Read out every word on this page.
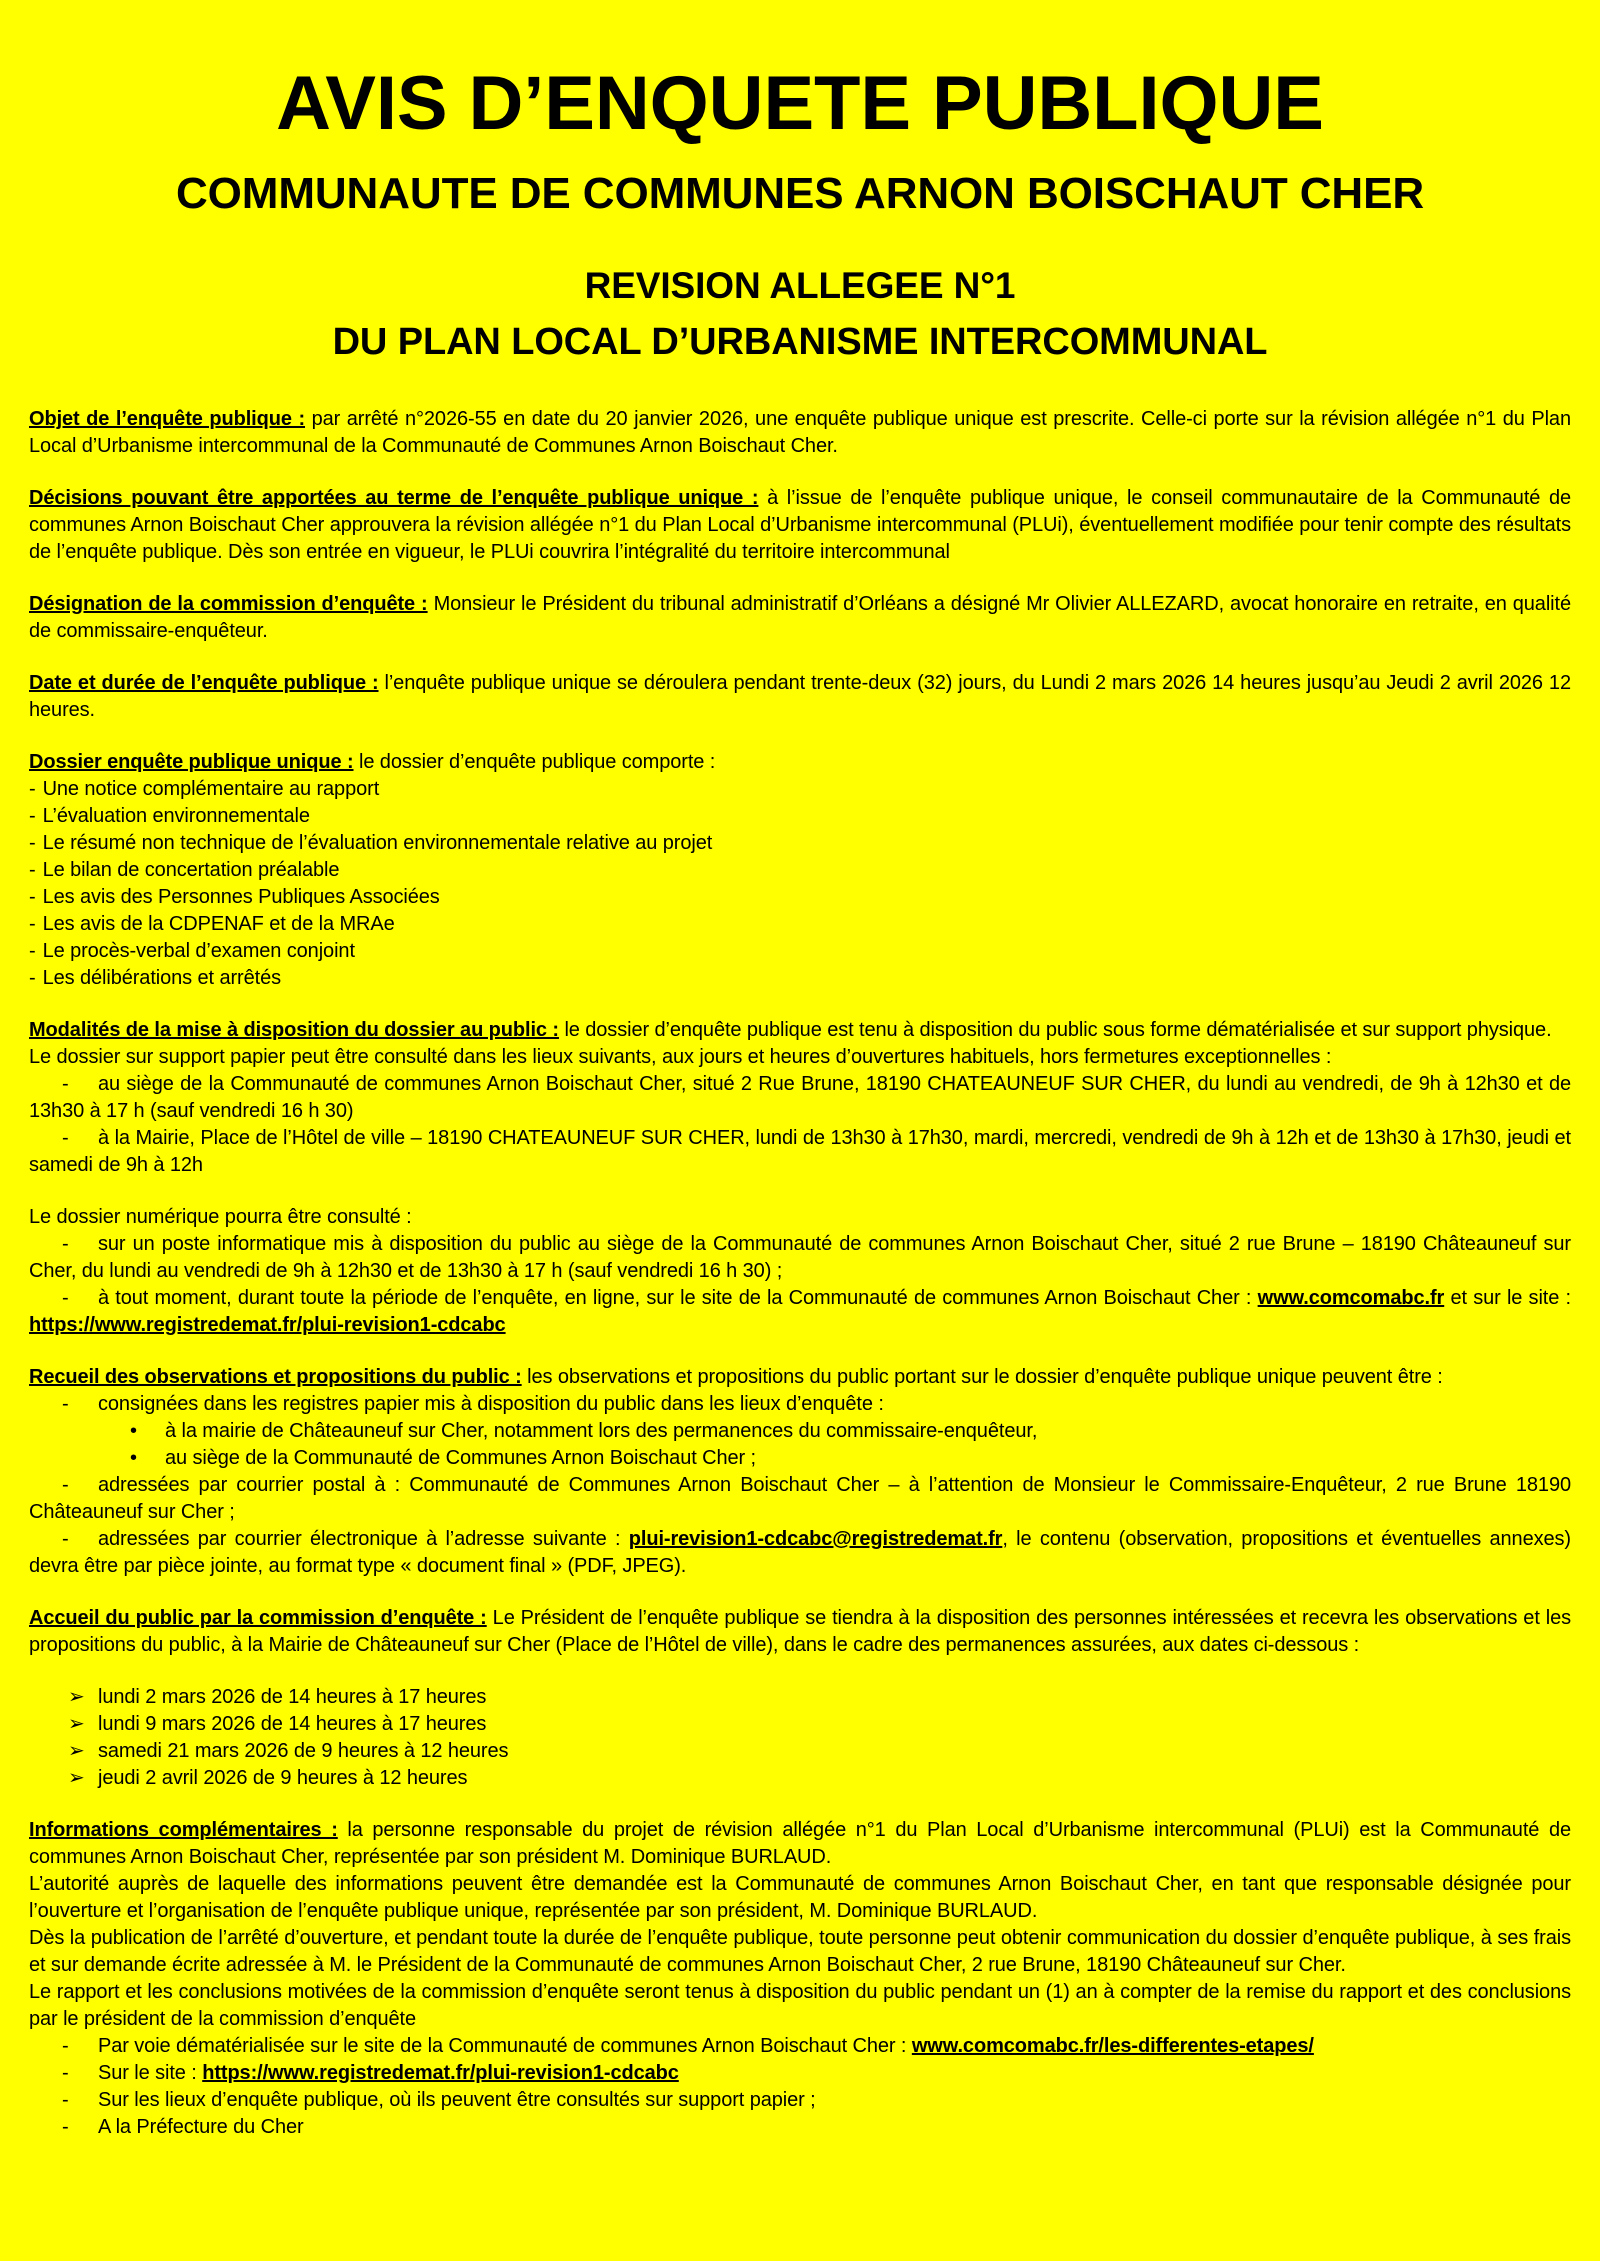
AVIS D’ENQUETE PUBLIQUE
COMMUNAUTE DE COMMUNES ARNON BOISCHAUT CHER
REVISION ALLEGEE N°1
DU PLAN LOCAL D’URBANISME INTERCOMMUNAL

Objet de l’enquête publique : par arrêté n°2026-55 en date du 20 janvier 2026, une enquête publique unique est prescrite. Celle-ci porte sur la révision allégée n°1 du Plan Local d’Urbanisme intercommunal de la Communauté de Communes Arnon Boischaut Cher.

Décisions pouvant être apportées au terme de l’enquête publique unique : à l’issue de l’enquête publique unique, le conseil communautaire de la Communauté de communes Arnon Boischaut Cher approuvera la révision allégée n°1 du Plan Local d’Urbanisme intercommunal (PLUi), éventuellement modifiée pour tenir compte des résultats de l’enquête publique. Dès son entrée en vigueur, le PLUi couvrira l’intégralité du territoire intercommunal

Désignation de la commission d’enquête : Monsieur le Président du tribunal administratif d’Orléans a désigné Mr Olivier ALLEZARD, avocat honoraire en retraite, en qualité de commissaire-enquêteur.

Date et durée de l’enquête publique : l’enquête publique unique se déroulera pendant trente-deux (32) jours, du Lundi 2 mars 2026 14 heures jusqu’au Jeudi 2 avril 2026 12 heures.

Dossier enquête publique unique : le dossier d’enquête publique comporte :

- Une notice complémentaire au rapport

- L’évaluation environnementale

- Le résumé non technique de l’évaluation environnementale relative au projet

- Le bilan de concertation préalable

- Les avis des Personnes Publiques Associées

- Les avis de la CDPENAF et de la MRAe

- Le procès-verbal d’examen conjoint

- Les délibérations et arrêtés

Modalités de la mise à disposition du dossier au public : le dossier d’enquête publique est tenu à disposition du public sous forme dématérialisée et sur support physique.

Le dossier sur support papier peut être consulté dans les lieux suivants, aux jours et heures d’ouvertures habituels, hors fermetures exceptionnelles :

- au siège de la Communauté de communes Arnon Boischaut Cher, situé 2 Rue Brune, 18190 CHATEAUNEUF SUR CHER, du lundi au vendredi, de 9h à 12h30 et de 13h30 à 17 h (sauf vendredi 16 h 30)

- à la Mairie, Place de l’Hôtel de ville – 18190 CHATEAUNEUF SUR CHER, lundi de 13h30 à 17h30, mardi, mercredi, vendredi de 9h à 12h et de 13h30 à 17h30, jeudi et samedi de 9h à 12h

Le dossier numérique pourra être consulté :

- sur un poste informatique mis à disposition du public au siège de la Communauté de communes Arnon Boischaut Cher, situé 2 rue Brune – 18190 Châteauneuf sur Cher, du lundi au vendredi de 9h à 12h30 et de 13h30 à 17 h (sauf vendredi 16 h 30) ;

- à tout moment, durant toute la période de l’enquête, en ligne, sur le site de la Communauté de communes Arnon Boischaut Cher : www.comcomabc.fr et sur le site : https://www.registredemat.fr/plui-revision1-cdcabc

Recueil des observations et propositions du public : les observations et propositions du public portant sur le dossier d’enquête publique unique peuvent être :

- consignées dans les registres papier mis à disposition du public dans les lieux d’enquête :

• à la mairie de Châteauneuf sur Cher, notamment lors des permanences du commissaire-enquêteur,

• au siège de la Communauté de Communes Arnon Boischaut Cher ;

- adressées par courrier postal à : Communauté de Communes Arnon Boischaut Cher – à l’attention de Monsieur le Commissaire-Enquêteur, 2 rue Brune 18190 Châteauneuf sur Cher ;

- adressées par courrier électronique à l’adresse suivante : plui-revision1-cdcabc@registredemat.fr, le contenu (observation, propositions et éventuelles annexes) devra être par pièce jointe, au format type « document final » (PDF, JPEG).

Accueil du public par la commission d’enquête : Le Président de l’enquête publique se tiendra à la disposition des personnes intéressées et recevra les observations et les propositions du public, à la Mairie de Châteauneuf sur Cher (Place de l’Hôtel de ville), dans le cadre des permanences assurées, aux dates ci-dessous :

➢ lundi 2 mars 2026 de 14 heures à 17 heures

➢ lundi 9 mars 2026 de 14 heures à 17 heures

➢ samedi 21 mars 2026 de 9 heures à 12 heures

➢ jeudi 2 avril 2026 de 9 heures à 12 heures

Informations complémentaires : la personne responsable du projet de révision allégée n°1 du Plan Local d’Urbanisme intercommunal (PLUi) est la Communauté de communes Arnon Boischaut Cher, représentée par son président M. Dominique BURLAUD.

L’autorité auprès de laquelle des informations peuvent être demandée est la Communauté de communes Arnon Boischaut Cher, en tant que responsable désignée pour l’ouverture et l’organisation de l’enquête publique unique, représentée par son président, M. Dominique BURLAUD.

Dès la publication de l’arrêté d’ouverture, et pendant toute la durée de l’enquête publique, toute personne peut obtenir communication du dossier d’enquête publique, à ses frais et sur demande écrite adressée à M. le Président de la Communauté de communes Arnon Boischaut Cher, 2 rue Brune, 18190 Châteauneuf sur Cher.

Le rapport et les conclusions motivées de la commission d’enquête seront tenus à disposition du public pendant un (1) an à compter de la remise du rapport et des conclusions par le président de la commission d’enquête

- Par voie dématérialisée sur le site de la Communauté de communes Arnon Boischaut Cher : www.comcomabc.fr/les-differentes-etapes/

- Sur le site : https://www.registredemat.fr/plui-revision1-cdcabc

- Sur les lieux d’enquête publique, où ils peuvent être consultés sur support papier ;

- A la Préfecture du Cher
